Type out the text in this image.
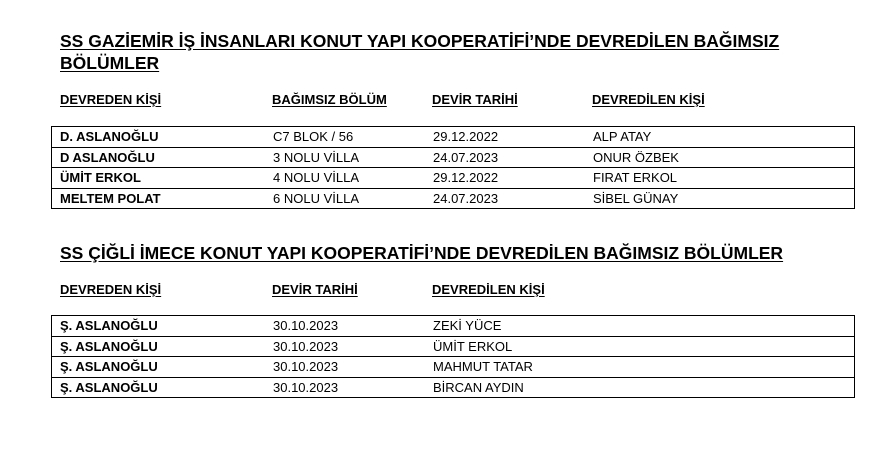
SS GAZİEMİR İŞ İNSANLARI KONUT YAPI KOOPERATİFİ’NDE DEVREDİLEN BAĞIMSIZ BÖLÜMLER
DEVREDEN KİŞİ	BAĞIMSIZ BÖLÜM	DEVİR TARİHİ	DEVREDİLEN KİŞİ
D. ASLANOĞLU	C7 BLOK / 56	29.12.2022	ALP ATAY
D ASLANOĞLU	3 NOLU VİLLA	24.07.2023	ONUR ÖZBEK
ÜMİT ERKOL	4 NOLU VİLLA	29.12.2022	FIRAT ERKOL
MELTEM POLAT	6 NOLU VİLLA	24.07.2023	SİBEL GÜNAY
SS ÇİĞLİ İMECE KONUT YAPI KOOPERATİFİ’NDE DEVREDİLEN BAĞIMSIZ BÖLÜMLER
DEVREDEN KİŞİ	DEVİR TARİHİ	DEVREDİLEN KİŞİ
Ş. ASLANOĞLU	30.10.2023	ZEKİ YÜCE
Ş. ASLANOĞLU	30.10.2023	ÜMİT ERKOL
Ş. ASLANOĞLU	30.10.2023	MAHMUT TATAR
Ş. ASLANOĞLU	30.10.2023	BİRCAN AYDIN
